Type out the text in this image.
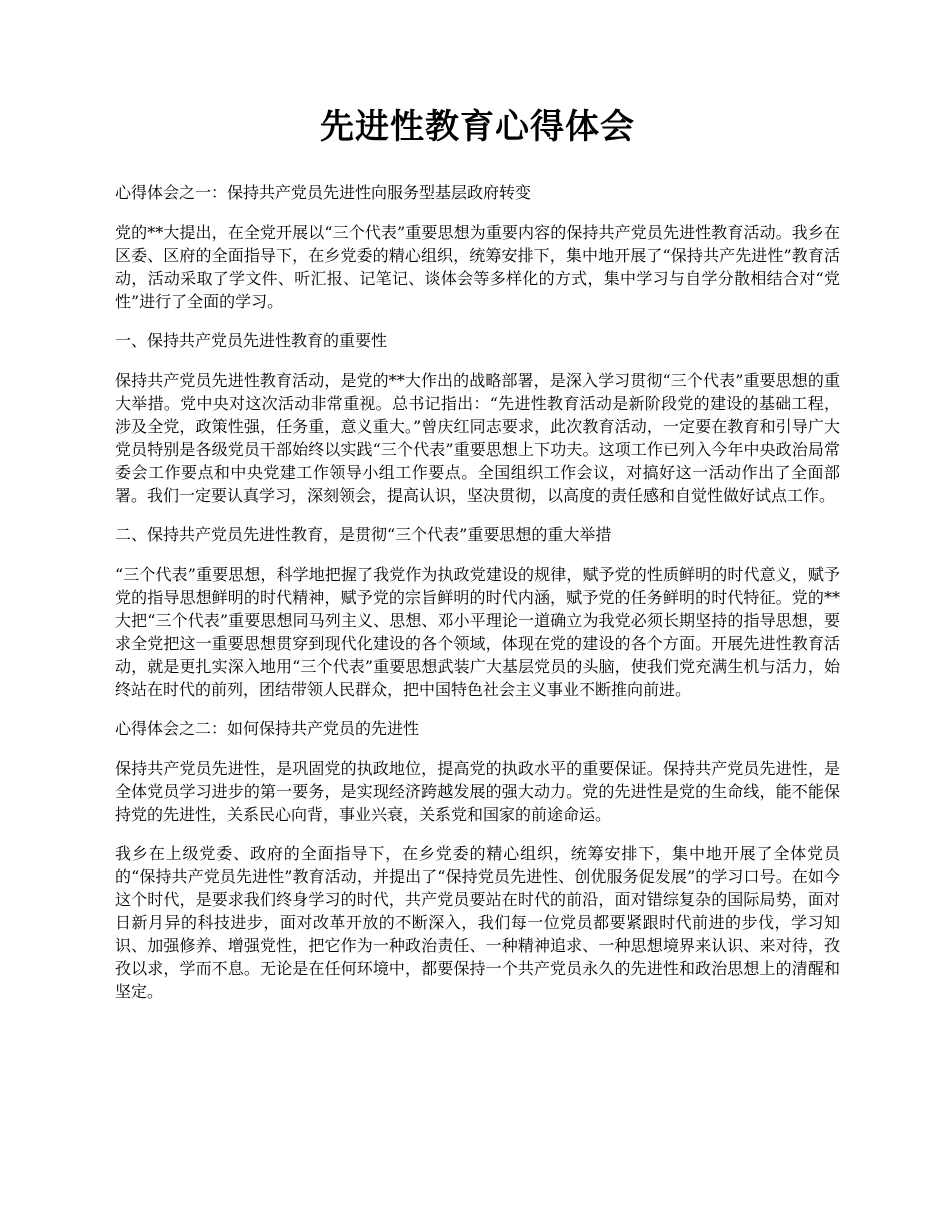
先进性教育心得体会
心得体会之一：保持共产党员先进性向服务型基层政府转变

党的**大提出，在全党开展以“三个代表”重要思想为重要内容的保持共产党员先进性教育活动。我乡在区委、区府的全面指导下，在乡党委的精心组织，统筹安排下，集中地开展了“保持共产先进性”教育活动，活动采取了学文件、听汇报、记笔记、谈体会等多样化的方式，集中学习与自学分散相结合对“党性”进行了全面的学习。

一、保持共产党员先进性教育的重要性

保持共产党员先进性教育活动，是党的**大作出的战略部署，是深入学习贯彻“三个代表”重要思想的重大举措。党中央对这次活动非常重视。总书记指出：“先进性教育活动是新阶段党的建设的基础工程，涉及全党，政策性强，任务重，意义重大。”曾庆红同志要求，此次教育活动，一定要在教育和引导广大党员特别是各级党员干部始终以实践“三个代表”重要思想上下功夫。这项工作已列入今年中央政治局常委会工作要点和中央党建工作领导小组工作要点。全国组织工作会议，对搞好这一活动作出了全面部署。我们一定要认真学习，深刻领会，提高认识，坚决贯彻，以高度的责任感和自觉性做好试点工作。

二、保持共产党员先进性教育，是贯彻“三个代表”重要思想的重大举措

“三个代表”重要思想，科学地把握了我党作为执政党建设的规律，赋予党的性质鲜明的时代意义，赋予党的指导思想鲜明的时代精神，赋予党的宗旨鲜明的时代内涵，赋予党的任务鲜明的时代特征。党的**大把“三个代表”重要思想同马列主义、思想、邓小平理论一道确立为我党必须长期坚持的指导思想，要求全党把这一重要思想贯穿到现代化建设的各个领域，体现在党的建设的各个方面。开展先进性教育活动，就是更扎实深入地用“三个代表”重要思想武装广大基层党员的头脑，使我们党充满生机与活力，始终站在时代的前列，团结带领人民群众，把中国特色社会主义事业不断推向前进。

心得体会之二：如何保持共产党员的先进性

保持共产党员先进性，是巩固党的执政地位，提高党的执政水平的重要保证。保持共产党员先进性，是全体党员学习进步的第一要务，是实现经济跨越发展的强大动力。党的先进性是党的生命线，能不能保持党的先进性，关系民心向背，事业兴衰，关系党和国家的前途命运。

我乡在上级党委、政府的全面指导下，在乡党委的精心组织，统筹安排下，集中地开展了全体党员的“保持共产党员先进性”教育活动，并提出了“保持党员先进性、创优服务促发展”的学习口号。在如今这个时代，是要求我们终身学习的时代，共产党员要站在时代的前沿，面对错综复杂的国际局势，面对日新月异的科技进步，面对改革开放的不断深入，我们每一位党员都要紧跟时代前进的步伐，学习知识、加强修养、增强党性，把它作为一种政治责任、一种精神追求、一种思想境界来认识、来对待，孜孜以求，学而不息。无论是在任何环境中，都要保持一个共产党员永久的先进性和政治思想上的清醒和坚定。
